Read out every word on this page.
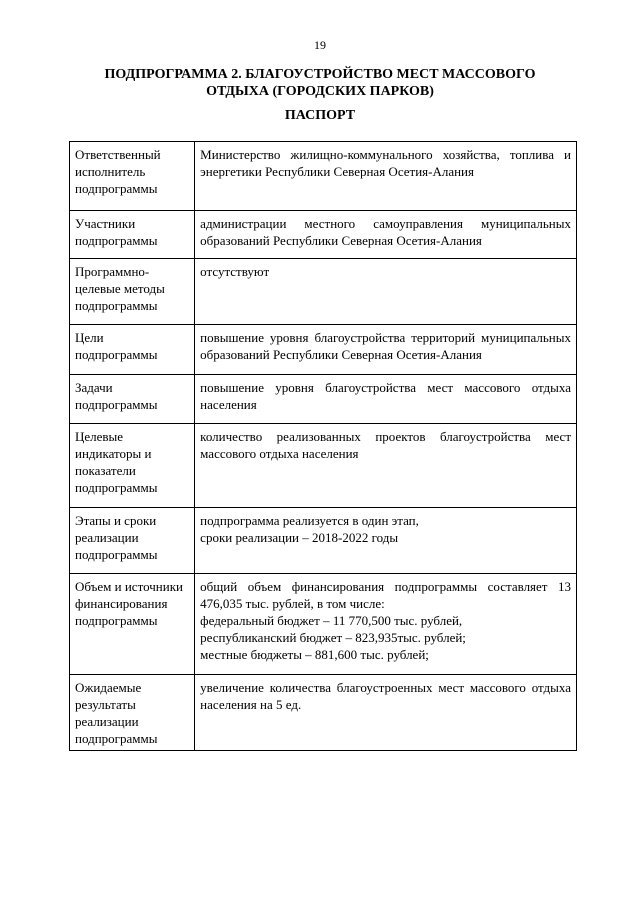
19
ПОДПРОГРАММА 2. БЛАГОУСТРОЙСТВО МЕСТ МАССОВОГО
ОТДЫХА (ГОРОДСКИХ ПАРКОВ)
ПАСПОРТ
Ответственный исполнитель подпрограммы	Министерство жилищно-коммунального хозяйства, топлива и энергетики Республики Северная Осетия-Алания
Участники подпрограммы	администрации местного самоуправления муниципальных образований Республики Северная Осетия-Алания
Программно-целевые методы подпрограммы	отсутствуют
Цели подпрограммы	повышение уровня благоустройства территорий муниципальных образований Республики Северная Осетия-Алания
Задачи подпрограммы	повышение уровня благоустройства мест массового отдыха населения
Целевые индикаторы и показатели подпрограммы	количество реализованных проектов благоустройства мест массового отдыха населения
Этапы и сроки реализации подпрограммы	подпрограмма реализуется в один этап,
сроки реализации – 2018-2022 годы

Объем и источники финансирования подпрограммы	общий объем финансирования подпрограммы составляет 13 476,035 тыс. рублей, в том числе:
федеральный бюджет – 11 770,500 тыс. рублей,
республиканский бюджет – 823,935тыс. рублей;
местные бюджеты – 881,600 тыс. рублей;

Ожидаемые результаты реализации подпрограммы	увеличение количества благоустроенных мест массового отдыха населения на 5 ед.
